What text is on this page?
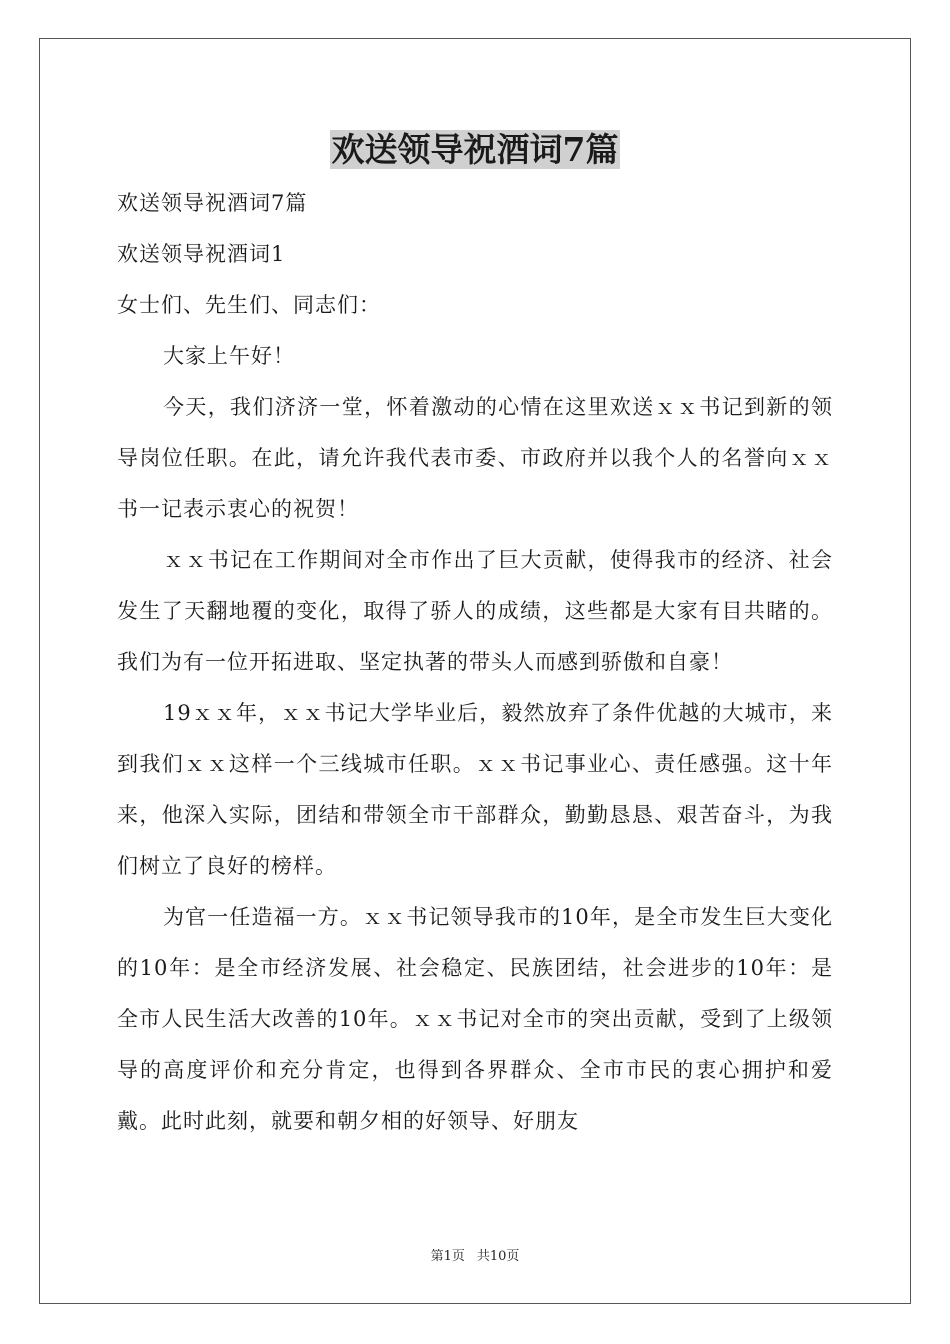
欢送领导祝酒词7篇

欢送领导祝酒词7篇

欢送领导祝酒词1

女士们、先生们、同志们：

大家上午好！

今天，我们济济一堂，怀着激动的心情在这里欢送ｘｘ书记到新的领导岗位任职。在此，请允许我代表市委、市政府并以我个人的名誉向ｘｘ书一记表示衷心的祝贺！

ｘｘ书记在工作期间对全市作出了巨大贡献，使得我市的经济、社会发生了天翻地覆的变化，取得了骄人的成绩，这些都是大家有目共睹的。我们为有一位开拓进取、坚定执著的带头人而感到骄傲和自豪！

19ｘｘ年，ｘｘ书记大学毕业后，毅然放弃了条件优越的大城市，来到我们ｘｘ这样一个三线城市任职。ｘｘ书记事业心、责任感强。这十年来，他深入实际，团结和带领全市干部群众，勤勤恳恳、艰苦奋斗，为我们树立了良好的榜样。

为官一任造福一方。ｘｘ书记领导我市的10年，是全市发生巨大变化的10年：是全市经济发展、社会稳定、民族团结，社会进步的10年：是全市人民生活大改善的10年。ｘｘ书记对全市的突出贡献，受到了上级领导的高度评价和充分肯定，也得到各界群众、全市市民的衷心拥护和爱戴。此时此刻，就要和朝夕相的好领导、好朋友

第1页 共10页
